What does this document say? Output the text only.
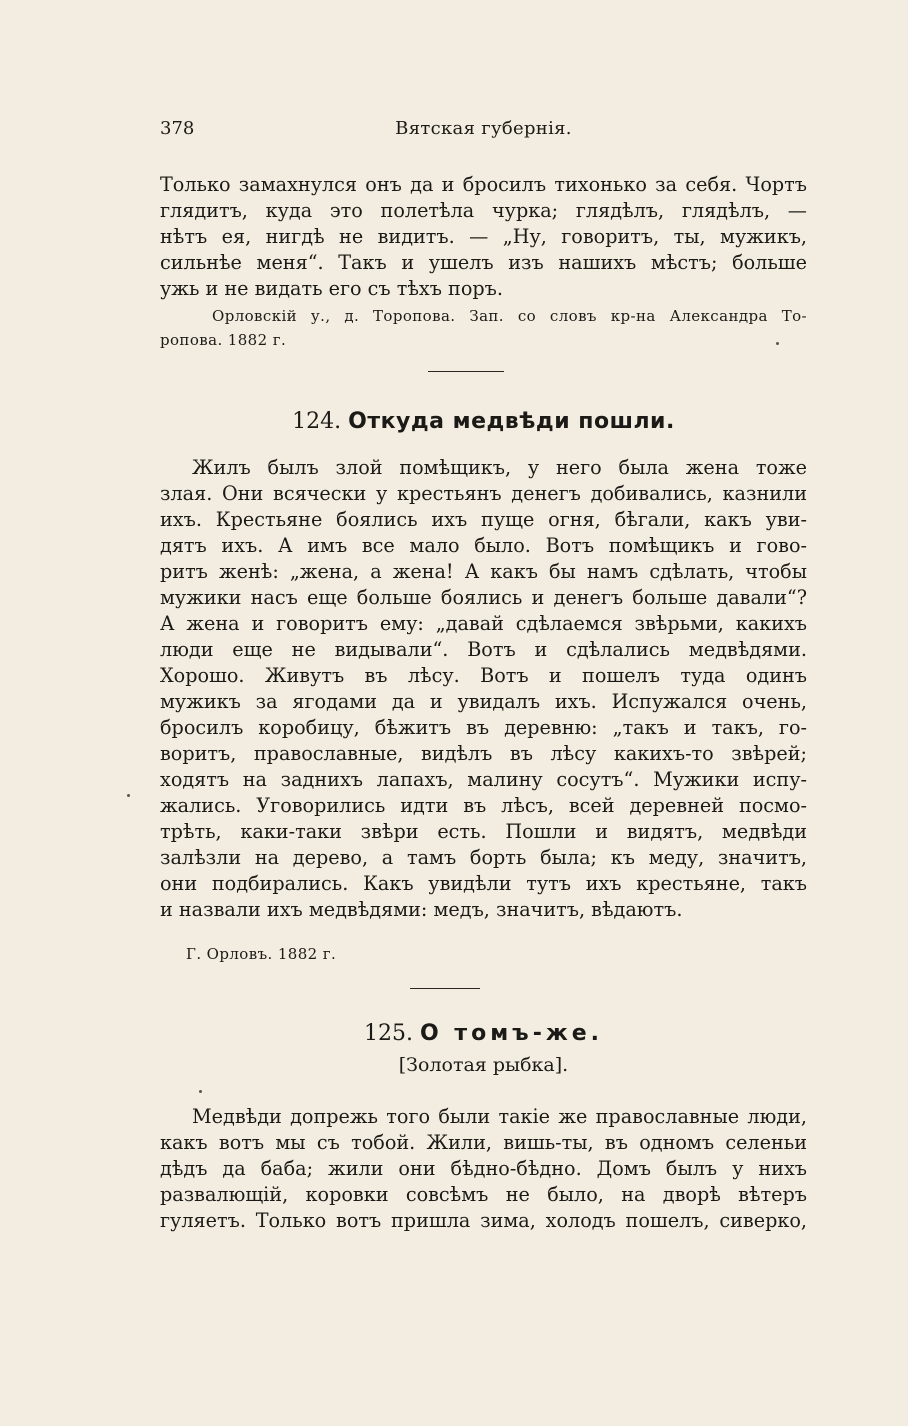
378	Вятская губернія.
Только замахнулся онъ да и бросилъ тихонько за себя. Чортъ
глядитъ, куда это полетѣла чурка; глядѣлъ, глядѣлъ, —
нѣтъ ея, нигдѣ не видитъ. — „Ну, говоритъ, ты, мужикъ,
сильнѣе меня“. Такъ и ушелъ изъ нашихъ мѣстъ; больше
ужь и не видать его съ тѣхъ поръ.
Орловскій у., д. Торопова. Зап. со словъ кр-на Александра То-
ропова. 1882 г.
124. Откуда медвѣди пошли.
Жилъ былъ злой помѣщикъ, у него была жена тоже
злая. Они всячески у крестьянъ денегъ добивались, казнили
ихъ. Крестьяне боялись ихъ пуще огня, бѣгали, какъ уви-
дятъ ихъ. А имъ все мало было. Вотъ помѣщикъ и гово-
ритъ женѣ: „жена, а жена! А какъ бы намъ сдѣлать, чтобы
мужики насъ еще больше боялись и денегъ больше давали“?
А жена и говоритъ ему: „давай сдѣлаемся звѣрьми, какихъ
люди еще не видывали“. Вотъ и сдѣлались медвѣдями.
Хорошо. Живутъ въ лѣсу. Вотъ и пошелъ туда одинъ
мужикъ за ягодами да и увидалъ ихъ. Испужался очень,
бросилъ коробицу, бѣжитъ въ деревню: „такъ и такъ, го-
воритъ, православные, видѣлъ въ лѣсу какихъ-то звѣрей;
ходятъ на заднихъ лапахъ, малину сосутъ“. Мужики испу-
жались. Уговорились идти въ лѣсъ, всей деревней посмо-
трѣть, каки-таки звѣри есть. Пошли и видятъ, медвѣди
залѣзли на дерево, а тамъ борть была; къ меду, значитъ,
они подбирались. Какъ увидѣли тутъ ихъ крестьяне, такъ
и назвали ихъ медвѣдями: медъ, значитъ, вѣдаютъ.
Г. Орловъ. 1882 г.
125. О томъ-же.
[Золотая рыбка].
Медвѣди допрежь того были такіе же православные люди,
какъ вотъ мы съ тобой. Жили, вишь-ты, въ одномъ селеньи
дѣдъ да баба; жили они бѣдно-бѣдно. Домъ былъ у нихъ
развалющій, коровки совсѣмъ не было, на дворѣ вѣтеръ
гуляетъ. Только вотъ пришла зима, холодъ пошелъ, сиверко,
